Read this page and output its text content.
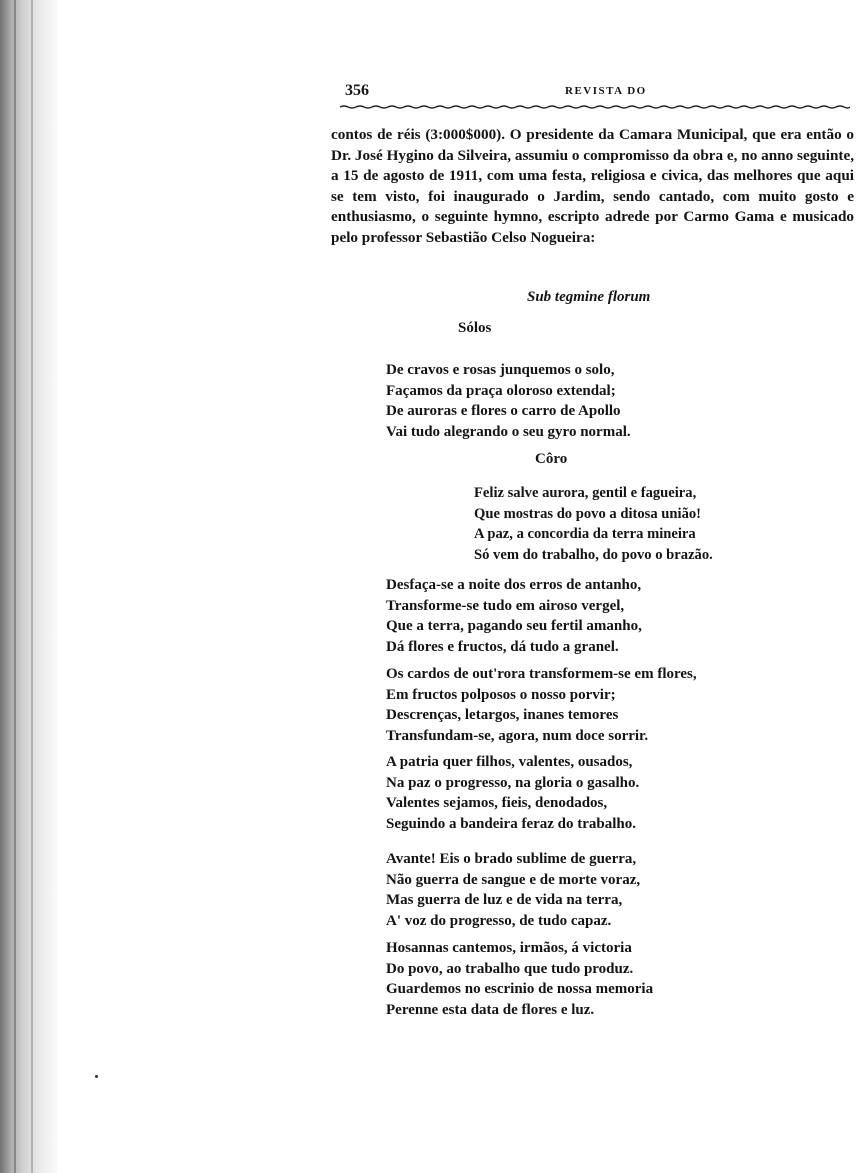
356	REVISTA DO
contos de réis (3:000$000). O presidente da Camara Municipal, que era então o Dr. José Hygino da Silveira, assumiu o compromisso da obra e, no anno seguinte, a 15 de agosto de 1911, com uma festa, religiosa e civica, das melhores que aqui se tem visto, foi inaugurado o Jardim, sendo cantado, com muito gosto e enthusiasmo, o seguinte hymno, escripto adrede por Carmo Gama e musicado pelo professor Sebastião Celso Nogueira:
Sub tegmine florum
Sólos
De cravos e rosas junquemos o solo,
Façamos da praça oloroso extendal;
De auroras e flores o carro de Apollo
Vai tudo alegrando o seu gyro normal.
Côro
Feliz salve aurora, gentil e fagueira,
Que mostras do povo a ditosa união!
A paz, a concordia da terra mineira
Só vem do trabalho, do povo o brazão.
Desfaça-se a noite dos erros de antanho,
Transforme-se tudo em airoso vergel,
Que a terra, pagando seu fertil amanho,
Dá flores e fructos, dá tudo a granel.
Os cardos de out'rora transformem-se em flores,
Em fructos polposos o nosso porvir;
Descrenças, letargos, inanes temores
Transfundam-se, agora, num doce sorrir.
A patria quer filhos, valentes, ousados,
Na paz o progresso, na gloria o gasalho.
Valentes sejamos, fieis, denodados,
Seguindo a bandeira feraz do trabalho.
Avante! Eis o brado sublime de guerra,
Não guerra de sangue e de morte voraz,
Mas guerra de luz e de vida na terra,
A' voz do progresso, de tudo capaz.
Hosannas cantemos, irmãos, á victoria
Do povo, ao trabalho que tudo produz.
Guardemos no escrinio de nossa memoria
Perenne esta data de flores e luz.
